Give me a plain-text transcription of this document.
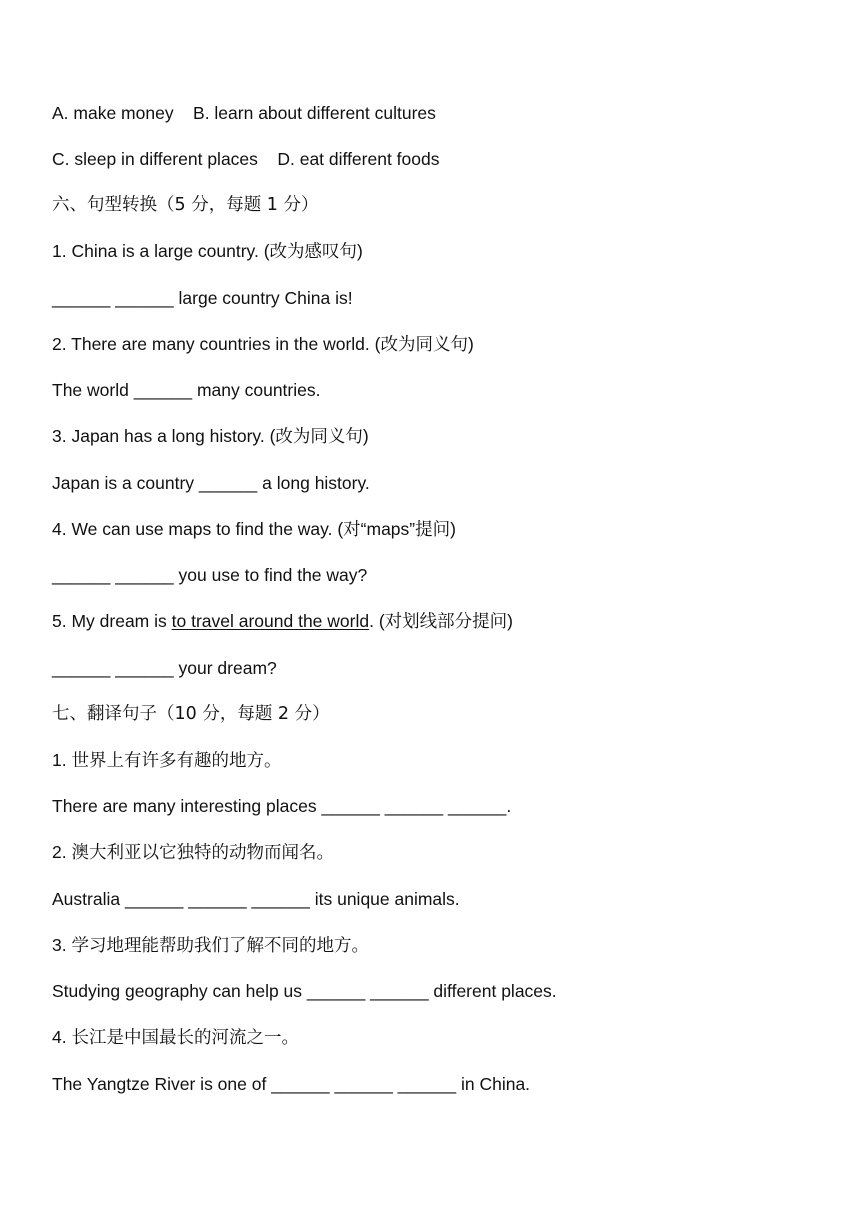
A. make money    B. learn about different cultures
C. sleep in different places    D. eat different foods
六、句型转换（5 分，每题 1 分）
1. China is a large country. (改为感叹句)
______ ______ large country China is!
2. There are many countries in the world. (改为同义句)
The world ______ many countries.
3. Japan has a long history. (改为同义句)
Japan is a country ______ a long history.
4. We can use maps to find the way. (对“maps”提问)
______ ______ you use to find the way?
5. My dream is to travel around the world. (对划线部分提问)
______ ______ your dream?
七、翻译句子（10 分，每题 2 分）
1. 世界上有许多有趣的地方。
There are many interesting places ______ ______ ______.
2. 澳大利亚以它独特的动物而闻名。
Australia ______ ______ ______ its unique animals.
3. 学习地理能帮助我们了解不同的地方。
Studying geography can help us ______ ______ different places.
4. 长江是中国最长的河流之一。
The Yangtze River is one of ______ ______ ______ in China.
